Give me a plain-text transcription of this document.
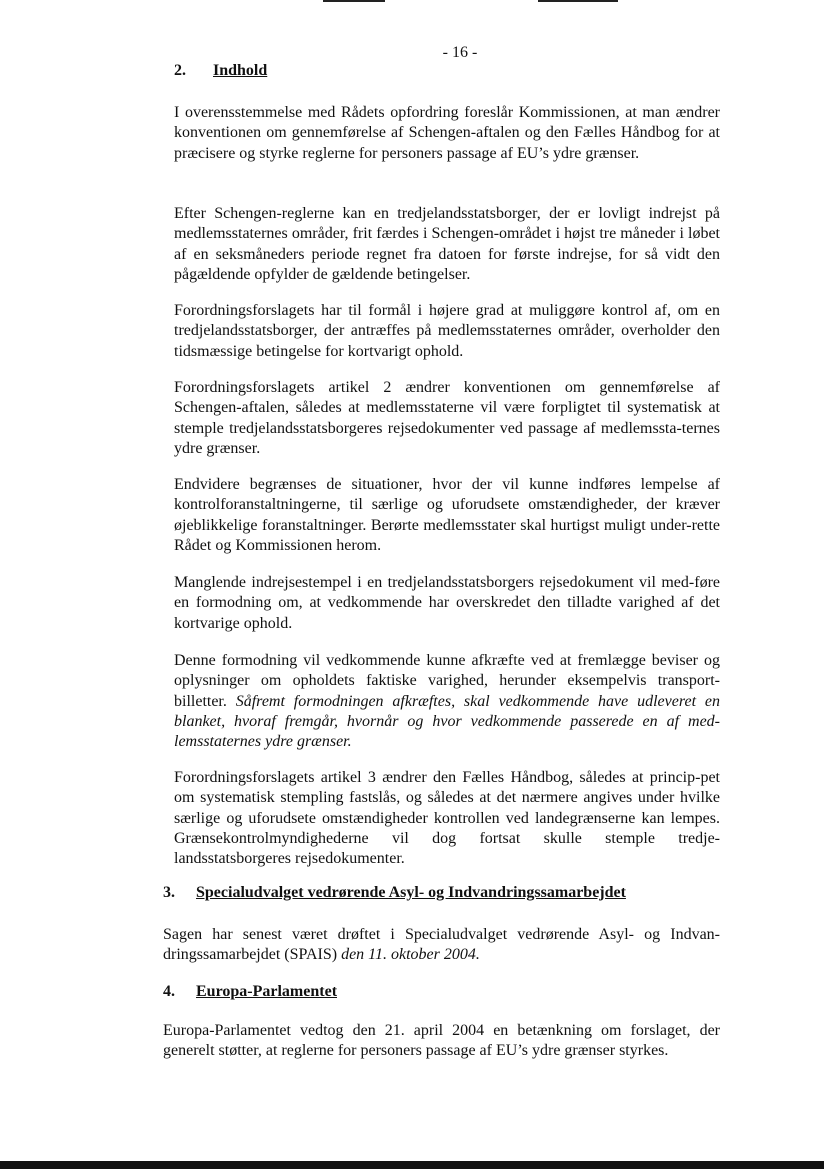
- 16 -
2. Indhold

I overensstemmelse med Rådets opfordring foreslår Kommissionen, at man ændrer konventionen om gennemførelse af Schengen-aftalen og den Fælles Håndbog for at præcisere og styrke reglerne for personers passage af EU’s ydre grænser.

Efter Schengen-reglerne kan en tredjelandsstatsborger, der er lovligt indrejst på medlemsstaternes områder, frit færdes i Schengen-området i højst tre måneder i løbet af en seksmåneders periode regnet fra datoen for første indrejse, for så vidt den pågældende opfylder de gældende betingelser.

Forordningsforslagets har til formål i højere grad at muliggøre kontrol af, om en tredjelandsstatsborger, der antræffes på medlemsstaternes områder, overholder den tidsmæssige betingelse for kortvarigt ophold.

Forordningsforslagets artikel 2 ændrer konventionen om gennemførelse af Schengen-aftalen, således at medlemsstaterne vil være forpligtet til systematisk at stemple tredjelandsstatsborgeres rejsedokumenter ved passage af medlemssta-ternes ydre grænser.

Endvidere begrænses de situationer, hvor der vil kunne indføres lempelse af kontrolforanstaltningerne, til særlige og uforudsete omstændigheder, der kræver øjeblikkelige foranstaltninger. Berørte medlemsstater skal hurtigst muligt under-rette Rådet og Kommissionen herom.

Manglende indrejsestempel i en tredjelandsstatsborgers rejsedokument vil med-føre en formodning om, at vedkommende har overskredet den tilladte varighed af det kortvarige ophold.

Denne formodning vil vedkommende kunne afkræfte ved at fremlægge beviser og oplysninger om opholdets faktiske varighed, herunder eksempelvis transport-billetter. Såfremt formodningen afkræftes, skal vedkommende have udleveret en blanket, hvoraf fremgår, hvornår og hvor vedkommende passerede en af med-lemsstaternes ydre grænser.

Forordningsforslagets artikel 3 ændrer den Fælles Håndbog, således at princip-pet om systematisk stempling fastslås, og således at det nærmere angives under hvilke særlige og uforudsete omstændigheder kontrollen ved landegrænserne kan lempes. Grænsekontrolmyndighederne vil dog fortsat skulle stemple tredje-landsstatsborgeres rejsedokumenter.

3. Specialudvalget vedrørende Asyl- og Indvandringssamarbejdet

Sagen har senest været drøftet i Specialudvalget vedrørende Asyl- og Indvan-dringssamarbejdet (SPAIS) den 11. oktober 2004.

4. Europa-Parlamentet

Europa-Parlamentet vedtog den 21. april 2004 en betænkning om forslaget, der generelt støtter, at reglerne for personers passage af EU’s ydre grænser styrkes.
